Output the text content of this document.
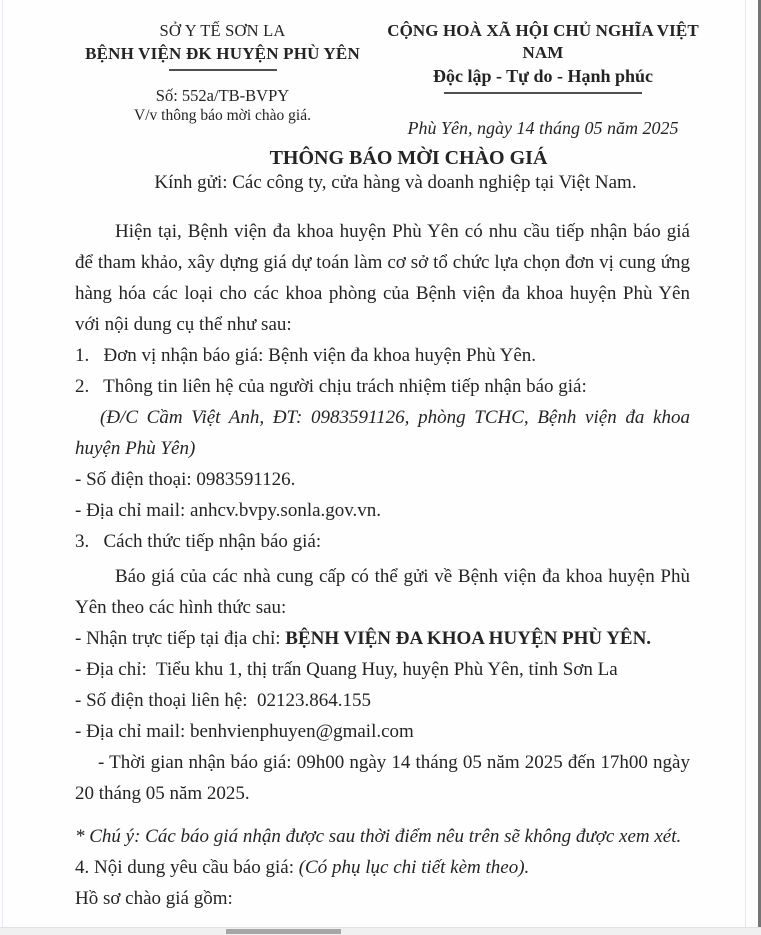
SỞ Y TẾ SƠN LA
BỆNH VIỆN ĐK HUYỆN PHÙ YÊN
Số: 552a/TB-BVPY
V/v thông báo mời chào giá.
CỘNG HOÀ XÃ HỘI CHỦ NGHĨA VIỆT NAM
Độc lập - Tự do - Hạnh phúc
Phù Yên, ngày 14 tháng 05 năm 2025

THÔNG BÁO MỜI CHÀO GIÁ

Kính gửi: Các công ty, cửa hàng và doanh nghiệp tại Việt Nam.

Hiện tại, Bệnh viện đa khoa huyện Phù Yên có nhu cầu tiếp nhận báo giá để tham khảo, xây dựng giá dự toán làm cơ sở tổ chức lựa chọn đơn vị cung ứng hàng hóa các loại cho các khoa phòng của Bệnh viện đa khoa huyện Phù Yên với nội dung cụ thể như sau:

1.   Đơn vị nhận báo giá: Bệnh viện đa khoa huyện Phù Yên.

2.   Thông tin liên hệ của người chịu trách nhiệm tiếp nhận báo giá:

(Đ/C Cầm Việt Anh, ĐT: 0983591126, phòng TCHC, Bệnh viện đa khoa huyện Phù Yên)

- Số điện thoại: 0983591126.

- Địa chỉ mail: anhcv.bvpy.sonla.gov.vn.

3.   Cách thức tiếp nhận báo giá:

Báo giá của các nhà cung cấp có thể gửi về Bệnh viện đa khoa huyện Phù Yên theo các hình thức sau:

- Nhận trực tiếp tại địa chỉ: BỆNH VIỆN ĐA KHOA HUYỆN PHÙ YÊN.

- Địa chỉ:  Tiểu khu 1, thị trấn Quang Huy, huyện Phù Yên, tỉnh Sơn La

- Số điện thoại liên hệ:  02123.864.155

- Địa chỉ mail: benhvienphuyen@gmail.com

- Thời gian nhận báo giá: 09h00 ngày 14 tháng 05 năm 2025 đến 17h00 ngày 20 tháng 05 năm 2025.

* Chú ý: Các báo giá nhận được sau thời điểm nêu trên sẽ không được xem xét.

4. Nội dung yêu cầu báo giá: (Có phụ lục chi tiết kèm theo).

Hồ sơ chào giá gồm:
